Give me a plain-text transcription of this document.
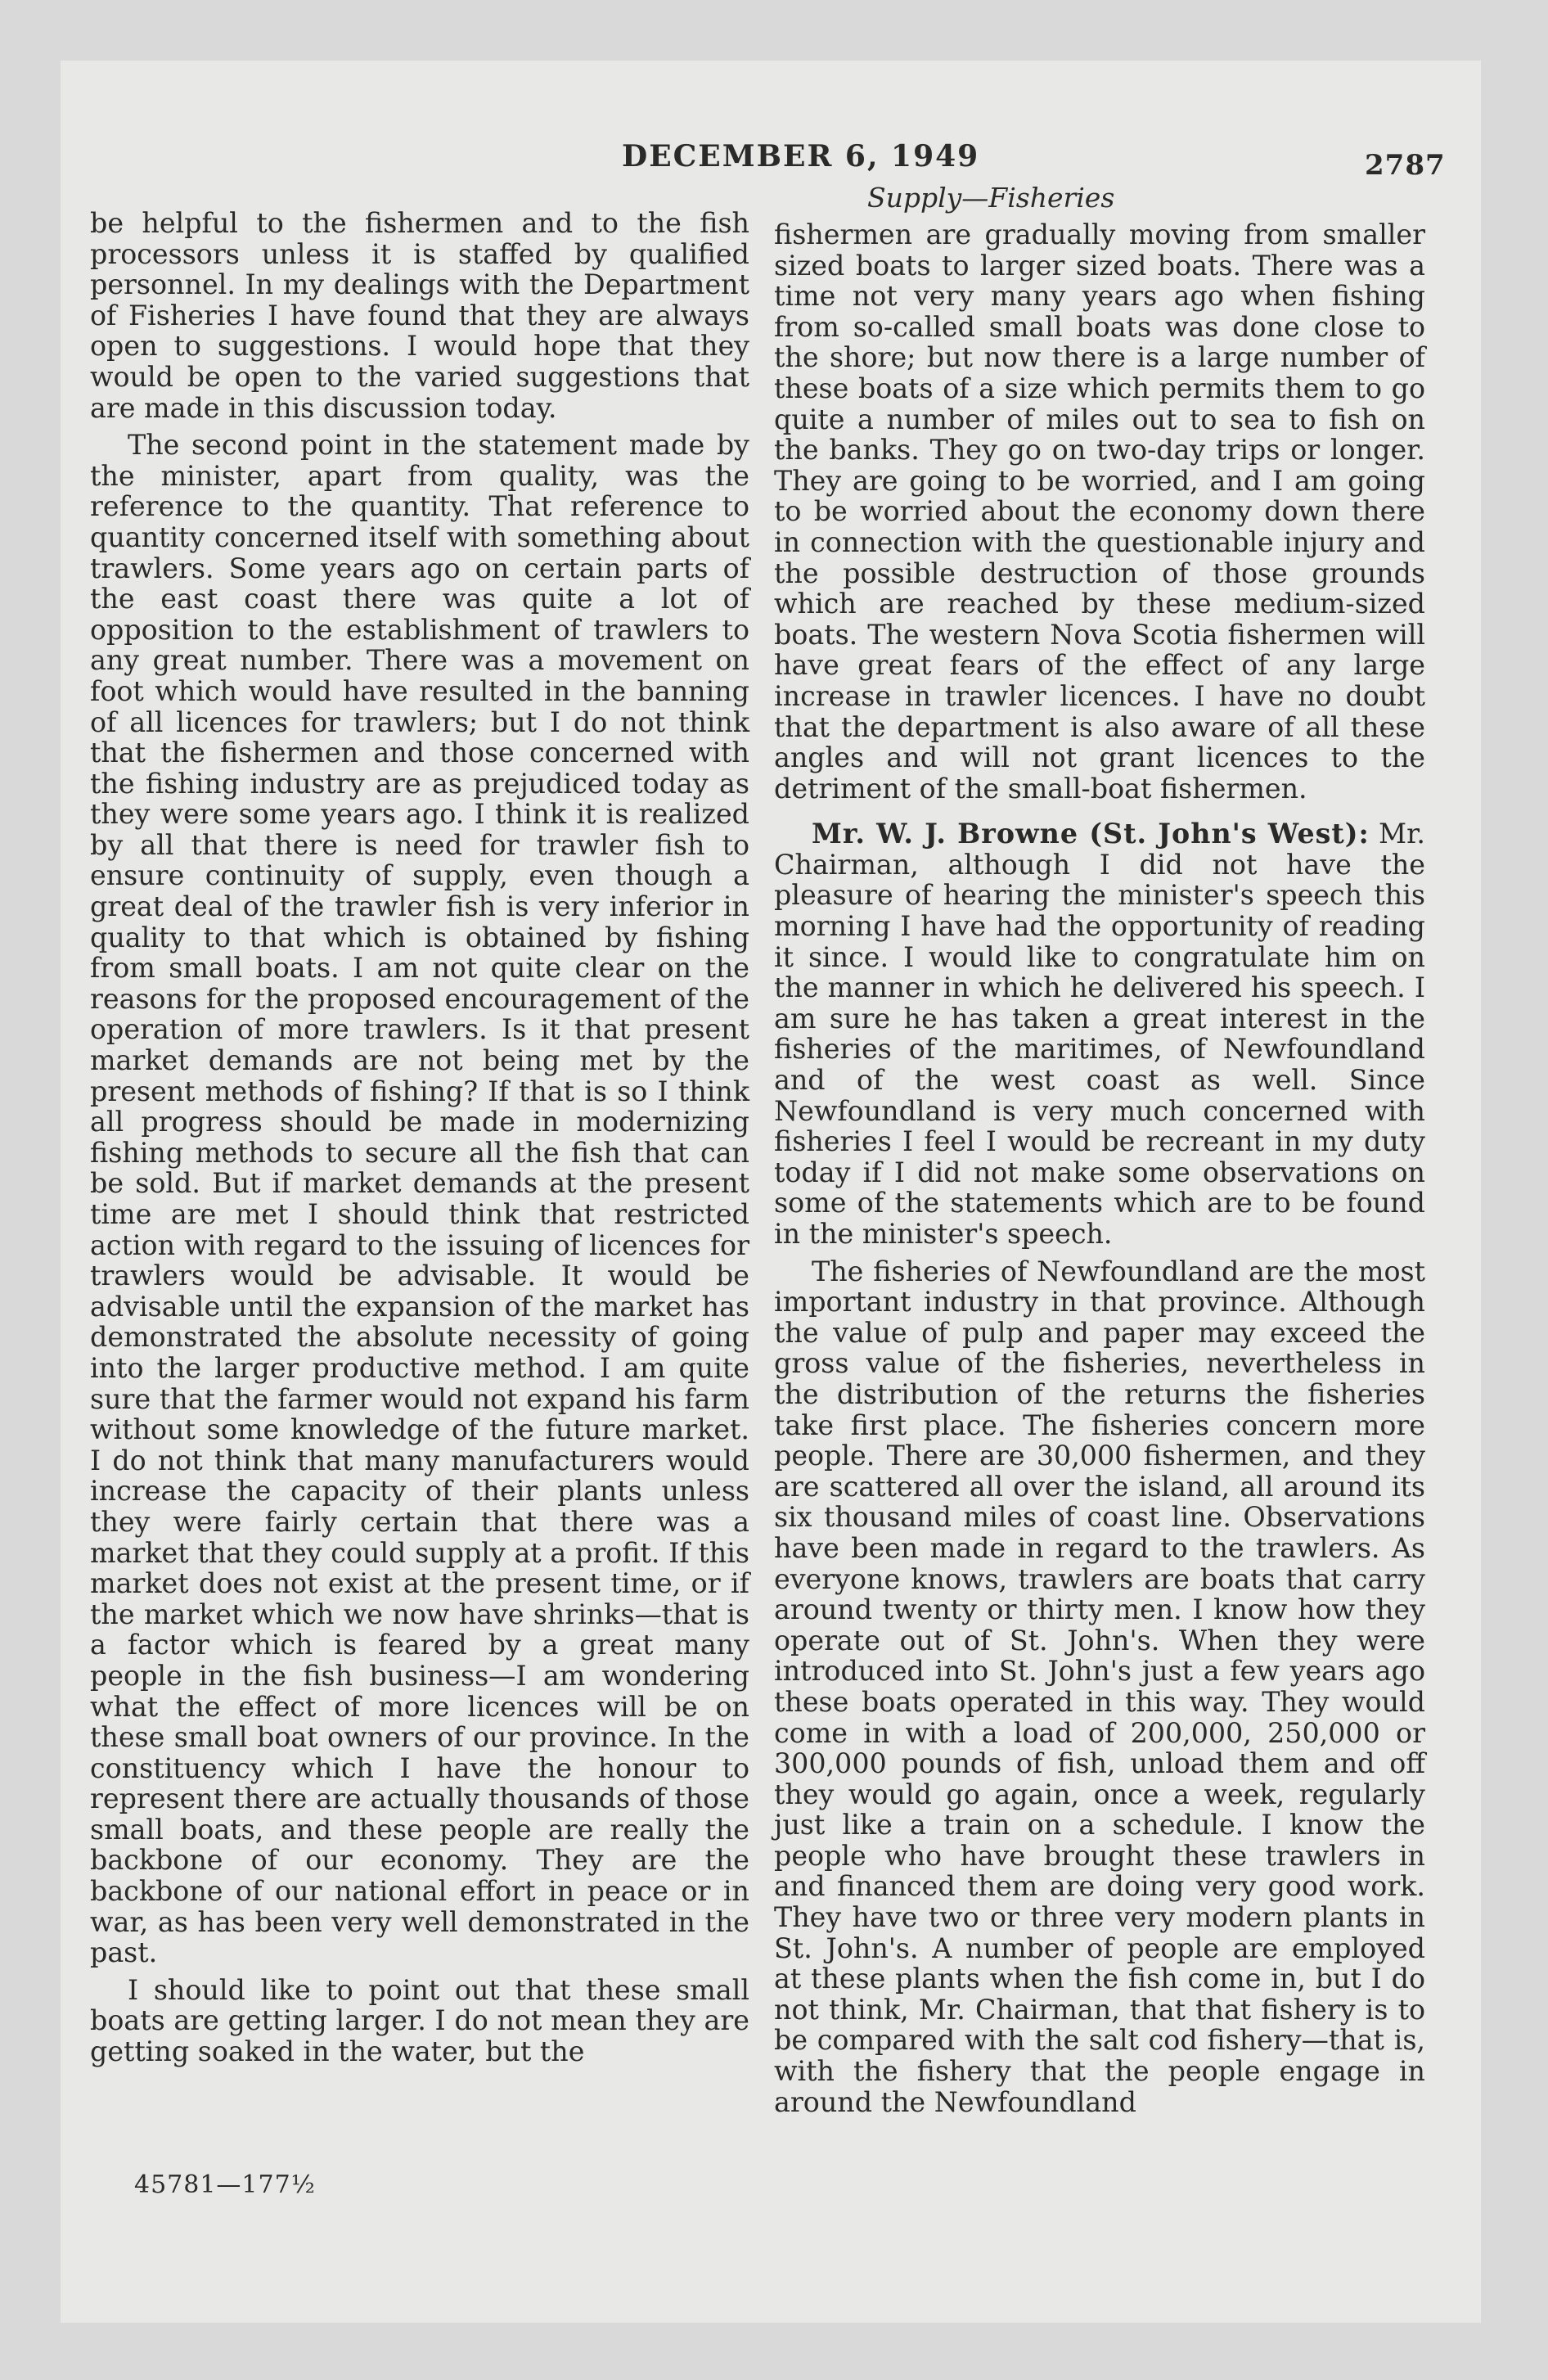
DECEMBER 6, 1949	2787
Supply—Fisheries

be helpful to the fishermen and to the fish processors unless it is staffed by qualified personnel. In my dealings with the Department of Fisheries I have found that they are always open to suggestions. I would hope that they would be open to the varied suggestions that are made in this discussion today.

The second point in the statement made by the minister, apart from quality, was the reference to the quantity. That reference to quantity concerned itself with something about trawlers. Some years ago on certain parts of the east coast there was quite a lot of opposition to the establishment of trawlers to any great number. There was a movement on foot which would have resulted in the banning of all licences for trawlers; but I do not think that the fishermen and those concerned with the fishing industry are as prejudiced today as they were some years ago. I think it is realized by all that there is need for trawler fish to ensure continuity of supply, even though a great deal of the trawler fish is very inferior in quality to that which is obtained by fishing from small boats. I am not quite clear on the reasons for the proposed encouragement of the operation of more trawlers. Is it that present market demands are not being met by the present methods of fishing? If that is so I think all progress should be made in modernizing fishing methods to secure all the fish that can be sold. But if market demands at the present time are met I should think that restricted action with regard to the issuing of licences for trawlers would be advisable. It would be advisable until the expansion of the market has demonstrated the absolute necessity of going into the larger productive method. I am quite sure that the farmer would not expand his farm without some knowledge of the future market. I do not think that many manufacturers would increase the capacity of their plants unless they were fairly certain that there was a market that they could supply at a profit. If this market does not exist at the present time, or if the market which we now have shrinks—that is a factor which is feared by a great many people in the fish business—I am wondering what the effect of more licences will be on these small boat owners of our province. In the constituency which I have the honour to represent there are actually thousands of those small boats, and these people are really the backbone of our economy. They are the backbone of our national effort in peace or in war, as has been very well demonstrated in the past.

I should like to point out that these small boats are getting larger. I do not mean they are getting soaked in the water, but the

fishermen are gradually moving from smaller sized boats to larger sized boats. There was a time not very many years ago when fishing from so-called small boats was done close to the shore; but now there is a large number of these boats of a size which permits them to go quite a number of miles out to sea to fish on the banks. They go on two-day trips or longer. They are going to be worried, and I am going to be worried about the economy down there in connection with the questionable injury and the possible destruction of those grounds which are reached by these medium-sized boats. The western Nova Scotia fishermen will have great fears of the effect of any large increase in trawler licences. I have no doubt that the department is also aware of all these angles and will not grant licences to the detriment of the small-boat fishermen.

Mr. W. J. Browne (St. John's West): Mr. Chairman, although I did not have the pleasure of hearing the minister's speech this morning I have had the opportunity of reading it since. I would like to congratulate him on the manner in which he delivered his speech. I am sure he has taken a great interest in the fisheries of the maritimes, of Newfoundland and of the west coast as well. Since Newfoundland is very much concerned with fisheries I feel I would be recreant in my duty today if I did not make some observations on some of the statements which are to be found in the minister's speech.

The fisheries of Newfoundland are the most important industry in that province. Although the value of pulp and paper may exceed the gross value of the fisheries, nevertheless in the distribution of the returns the fisheries take first place. The fisheries concern more people. There are 30,000 fishermen, and they are scattered all over the island, all around its six thousand miles of coast line. Observations have been made in regard to the trawlers. As everyone knows, trawlers are boats that carry around twenty or thirty men. I know how they operate out of St. John's. When they were introduced into St. John's just a few years ago these boats operated in this way. They would come in with a load of 200,000, 250,000 or 300,000 pounds of fish, unload them and off they would go again, once a week, regularly just like a train on a schedule. I know the people who have brought these trawlers in and financed them are doing very good work. They have two or three very modern plants in St. John's. A number of people are employed at these plants when the fish come in, but I do not think, Mr. Chairman, that that fishery is to be compared with the salt cod fishery—that is, with the fishery that the people engage in around the Newfoundland

45781—177½
